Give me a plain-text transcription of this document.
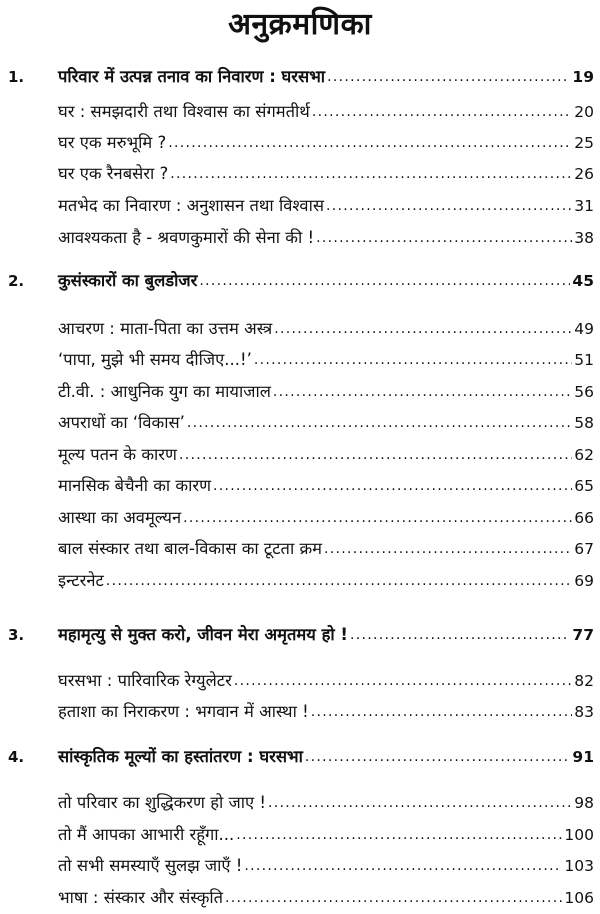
अनुक्रमणिका
1.	परिवार में उत्पन्न तनाव का निवारण : घरसभा .....	19
घर : समझदारी तथा विश्वास का संगमतीर्थ .....	20
घर एक मरुभूमि ? .....	25
घर एक रैनबसेरा ? .....	26
मतभेद का निवारण : अनुशासन तथा विश्वास .....	31
आवश्यकता है - श्रवणकुमारों की सेना की ! .....	38
2.	कुसंस्कारों का बुलडोजर .....	45
आचरण : माता-पिता का उत्तम अस्त्र .....	49
‘पापा, मुझे भी समय दीजिए...!’ .....	51
टी.वी. : आधुनिक युग का मायाजाल .....	56
अपराधों का ‘विकास’ .....	58
मूल्य पतन के कारण .....	62
मानसिक बेचैनी का कारण .....	65
आस्था का अवमूल्यन .....	66
बाल संस्कार तथा बाल-विकास का टूटता क्रम .....	67
इन्टरनेट .....	69
3.	महामृत्यु से मुक्त करो, जीवन मेरा अमृतमय हो ! .....	77
घरसभा : पारिवारिक रेग्युलेटर .....	82
हताशा का निराकरण : भगवान में आस्था ! .....	83
4.	सांस्कृतिक मूल्यों का हस्तांतरण : घरसभा .....	91
तो परिवार का शुद्धिकरण हो जाए ! .....	98
तो मैं आपका आभारी रहूँगा... .....	100
तो सभी समस्याएँ सुलझ जाएँ ! .....	103
भाषा : संस्कार और संस्कृति .....	106
